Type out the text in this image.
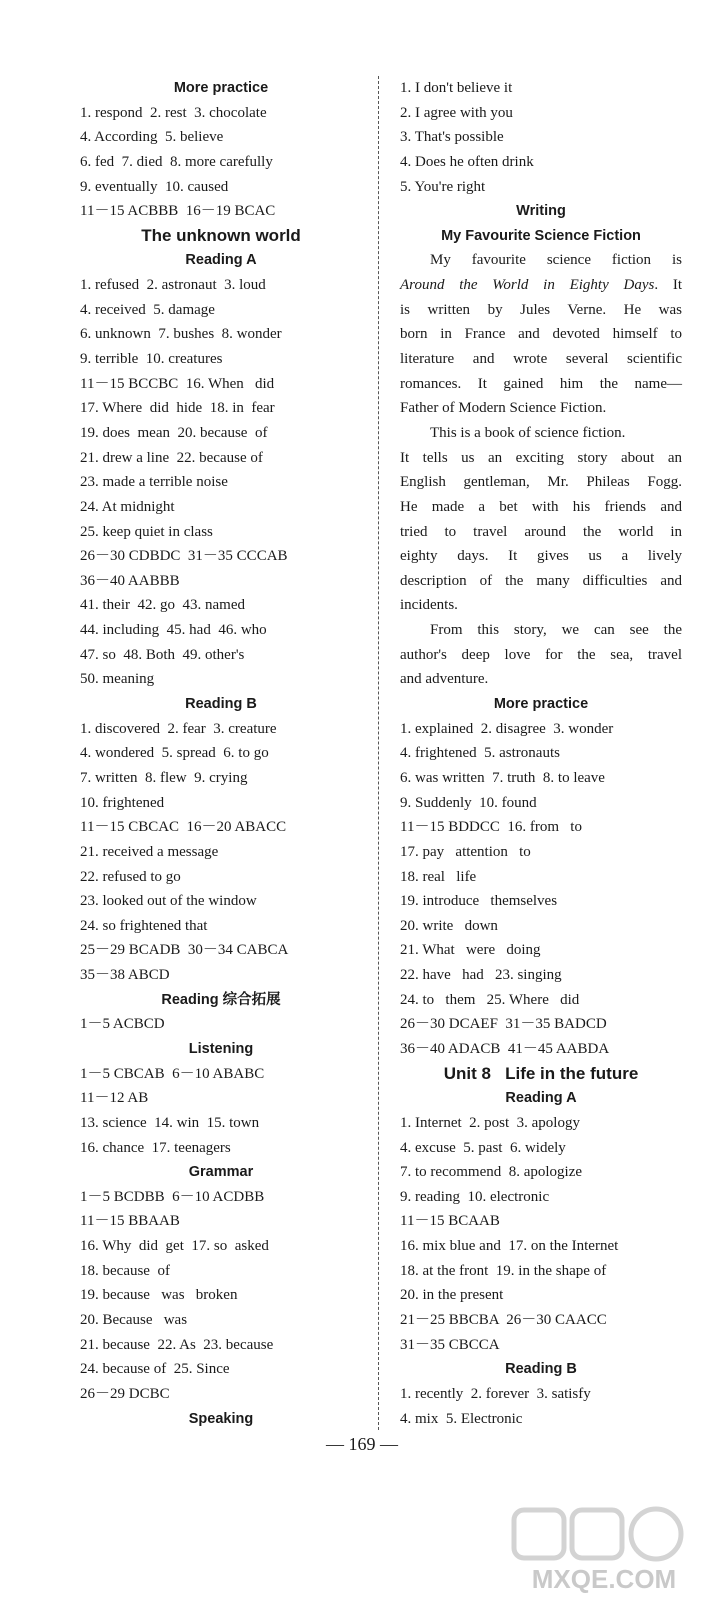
More practice
1. respond  2. rest  3. chocolate
4. According  5. believe
6. fed  7. died  8. more carefully
9. eventually  10. caused
11－15 ACBBB  16－19 BCAC
The unknown world
Reading A
1. refused  2. astronaut  3. loud
4. received  5. damage
6. unknown  7. bushes  8. wonder
9. terrible  10. creatures
11－15 BCCBC  16. When   did
17. Where  did  hide  18. in  fear
19. does  mean  20. because  of
21. drew a line  22. because of
23. made a terrible noise
24. At midnight
25. keep quiet in class
26－30 CDBDC  31－35 CCCAB
36－40 AABBB
41. their  42. go  43. named
44. including  45. had  46. who
47. so  48. Both  49. other's
50. meaning
Reading B
1. discovered  2. fear  3. creature
4. wondered  5. spread  6. to go
7. written  8. flew  9. crying
10. frightened
11－15 CBCAC  16－20 ABACC
21. received a message
22. refused to go
23. looked out of the window
24. so frightened that
25－29 BCADB  30－34 CABCA
35－38 ABCD
Reading 综合拓展
1－5 ACBCD
Listening
1－5 CBCAB  6－10 ABABC
11－12 AB
13. science  14. win  15. town
16. chance  17. teenagers
Grammar
1－5 BCDBB  6－10 ACDBB
11－15 BBAAB
16. Why  did  get  17. so  asked
18. because  of
19. because   was   broken
20. Because   was
21. because  22. As  23. because
24. because of  25. Since
26－29 DCBC
Speaking
1. I don't believe it
2. I agree with you
3. That's possible
4. Does he often drink
5. You're right
Writing
My Favourite Science Fiction
My favourite science fiction is
Around the World in Eighty Days. It
is written by Jules Verne. He was
born in France and devoted himself to
literature and wrote several scientific
romances. It gained him the name—
Father of Modern Science Fiction.
This is a book of science fiction.
It tells us an exciting story about an
English gentleman, Mr. Phileas Fogg.
He made a bet with his friends and
tried to travel around the world in
eighty days. It gives us a lively
description of the many difficulties and
incidents.
From this story, we can see the
author's deep love for the sea, travel
and adventure.
More practice
1. explained  2. disagree  3. wonder
4. frightened  5. astronauts
6. was written  7. truth  8. to leave
9. Suddenly  10. found
11－15 BDDCC  16. from   to
17. pay   attention   to
18. real   life
19. introduce   themselves
20. write   down
21. What   were   doing
22. have   had   23. singing
24. to   them   25. Where   did
26－30 DCAEF  31－35 BADCD
36－40 ADACB  41－45 AABDA
Unit 8   Life in the future
Reading A
1. Internet  2. post  3. apology
4. excuse  5. past  6. widely
7. to recommend  8. apologize
9. reading  10. electronic
11－15 BCAAB
16. mix blue and  17. on the Internet
18. at the front  19. in the shape of
20. in the present
21－25 BBCBA  26－30 CAACC
31－35 CBCCA
Reading B
1. recently  2. forever  3. satisfy
4. mix  5. Electronic
— 169 —
MXQE.COM
